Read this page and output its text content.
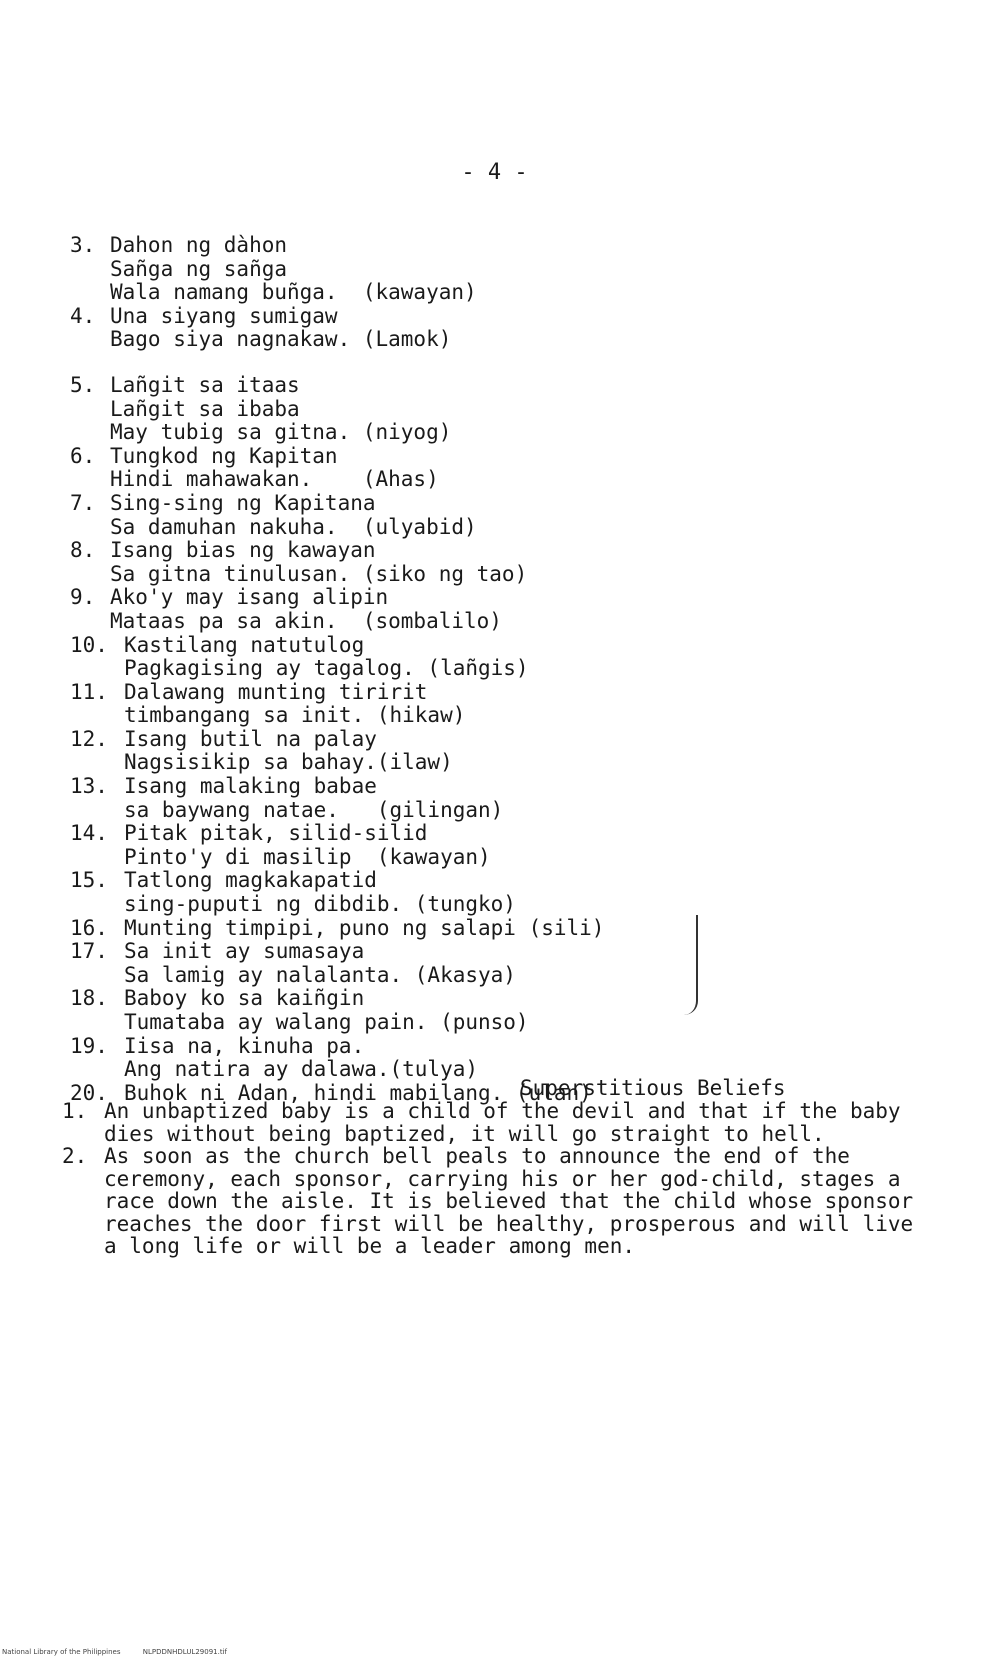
- 4 -
3. Dahon ng dàhon
Sañga ng sañga
Wala namang buñga.  (kawayan)
4. Una siyang sumigaw
Bago siya nagnakaw. (Lamok)
5. Lañgit sa itaas
Lañgit sa ibaba
May tubig sa gitna. (niyog)
6. Tungkod ng Kapitan
Hindi mahawakan.    (Ahas)
7. Sing-sing ng Kapitana
Sa damuhan nakuha.  (ulyabid)
8. Isang bias ng kawayan
Sa gitna tinulusan. (siko ng tao)
9. Ako'y may isang alipin
Mataas pa sa akin.  (sombalilo)
10. Kastilang natutulog
Pagkagising ay tagalog. (lañgis)
11. Dalawang munting tiririt
timbangang sa init. (hikaw)
12. Isang butil na palay
Nagsisikip sa bahay.(ilaw)
13. Isang malaking babae
sa baywang natae.   (gilingan)
14. Pitak pitak, silid-silid
Pinto'y di masilip  (kawayan)
15. Tatlong magkakapatid
sing-puputi ng dibdib. (tungko)
16. Munting timpipi, puno ng salapi (sili)
17. Sa init ay sumasaya
Sa lamig ay nalalanta. (Akasya)
18. Baboy ko sa kaiñgin
Tumataba ay walang pain. (punso)
19. Iisa na, kinuha pa.
Ang natira ay dalawa.(tulya)
20. Buhok ni Adan, hindi mabilang. (ulan)
Superstitious Beliefs
1. An unbaptized baby is a child of the devil and that if the baby dies without being baptized, it will go straight to hell.
2. As soon as the church bell peals to announce the end of the ceremony, each sponsor, carrying his or her god-child, stages a race down the aisle. It is believed that the child whose sponsor reaches the door first will be healthy, prosperous and will live a long life or will be a leader among men.
National Library of the Philippines	NLPDDNHDLUL29091.tif
